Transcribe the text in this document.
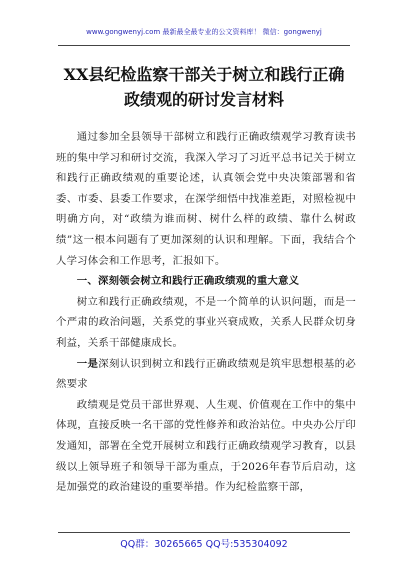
www.gongwenyj.com 最新最全最专业的公文资料库！ 微信：gongwenyj
XX县纪检监察干部关于树立和践行正确
政绩观的研讨发言材料

通过参加全县领导干部树立和践行正确政绩观学习教育读书班的集中学习和研讨交流，我深入学习了习近平总书记关于树立和践行正确政绩观的重要论述，认真领会党中央决策部署和省委、市委、县委工作要求，在深学细悟中找准差距，对照检视中明确方向，对“政绩为谁而树、树什么样的政绩、靠什么树政绩”这一根本问题有了更加深刻的认识和理解。下面，我结合个人学习体会和工作思考，汇报如下。

一、深刻领会树立和践行正确政绩观的重大意义

树立和践行正确政绩观，不是一个简单的认识问题，而是一个严肃的政治问题，关系党的事业兴衰成败，关系人民群众切身利益，关系干部健康成长。

一是深刻认识到树立和践行正确政绩观是筑牢思想根基的必然要求

政绩观是党员干部世界观、人生观、价值观在工作中的集中体现，直接反映一名干部的党性修养和政治站位。中央办公厅印发通知，部署在全党开展树立和践行正确政绩观学习教育，以县级以上领导班子和领导干部为重点，于2026年春节后启动，这是加强党的政治建设的重要举措。作为纪检监察干部，

QQ群：30265665 QQ号:535304092
